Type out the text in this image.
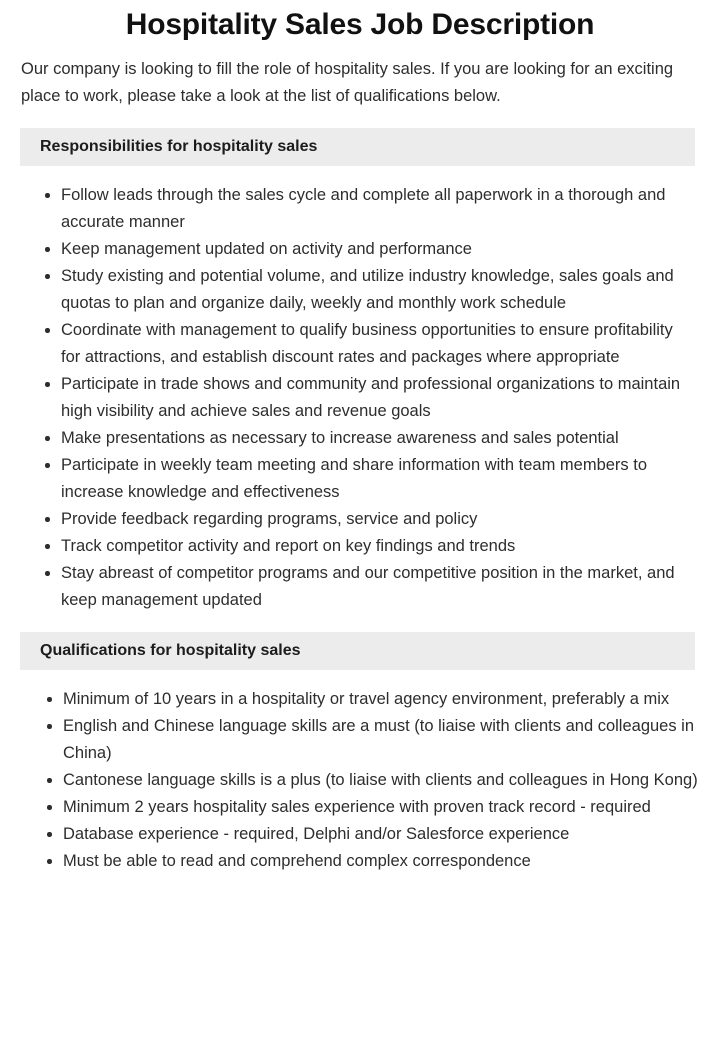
Hospitality Sales Job Description

Our company is looking to fill the role of hospitality sales. If you are looking for an exciting place to work, please take a look at the list of qualifications below.

Responsibilities for hospitality sales
Follow leads through the sales cycle and complete all paperwork in a thorough and accurate manner
Keep management updated on activity and performance
Study existing and potential volume, and utilize industry knowledge, sales goals and quotas to plan and organize daily, weekly and monthly work schedule
Coordinate with management to qualify business opportunities to ensure profitability for attractions, and establish discount rates and packages where appropriate
Participate in trade shows and community and professional organizations to maintain high visibility and achieve sales and revenue goals
Make presentations as necessary to increase awareness and sales potential
Participate in weekly team meeting and share information with team members to increase knowledge and effectiveness
Provide feedback regarding programs, service and policy
Track competitor activity and report on key findings and trends
Stay abreast of competitor programs and our competitive position in the market, and keep management updated
Qualifications for hospitality sales
Minimum of 10 years in a hospitality or travel agency environment, preferably a mix
English and Chinese language skills are a must (to liaise with clients and colleagues in China)
Cantonese language skills is a plus (to liaise with clients and colleagues in Hong Kong)
Minimum 2 years hospitality sales experience with proven track record - required
Database experience - required, Delphi and/or Salesforce experience
Must be able to read and comprehend complex correspondence
